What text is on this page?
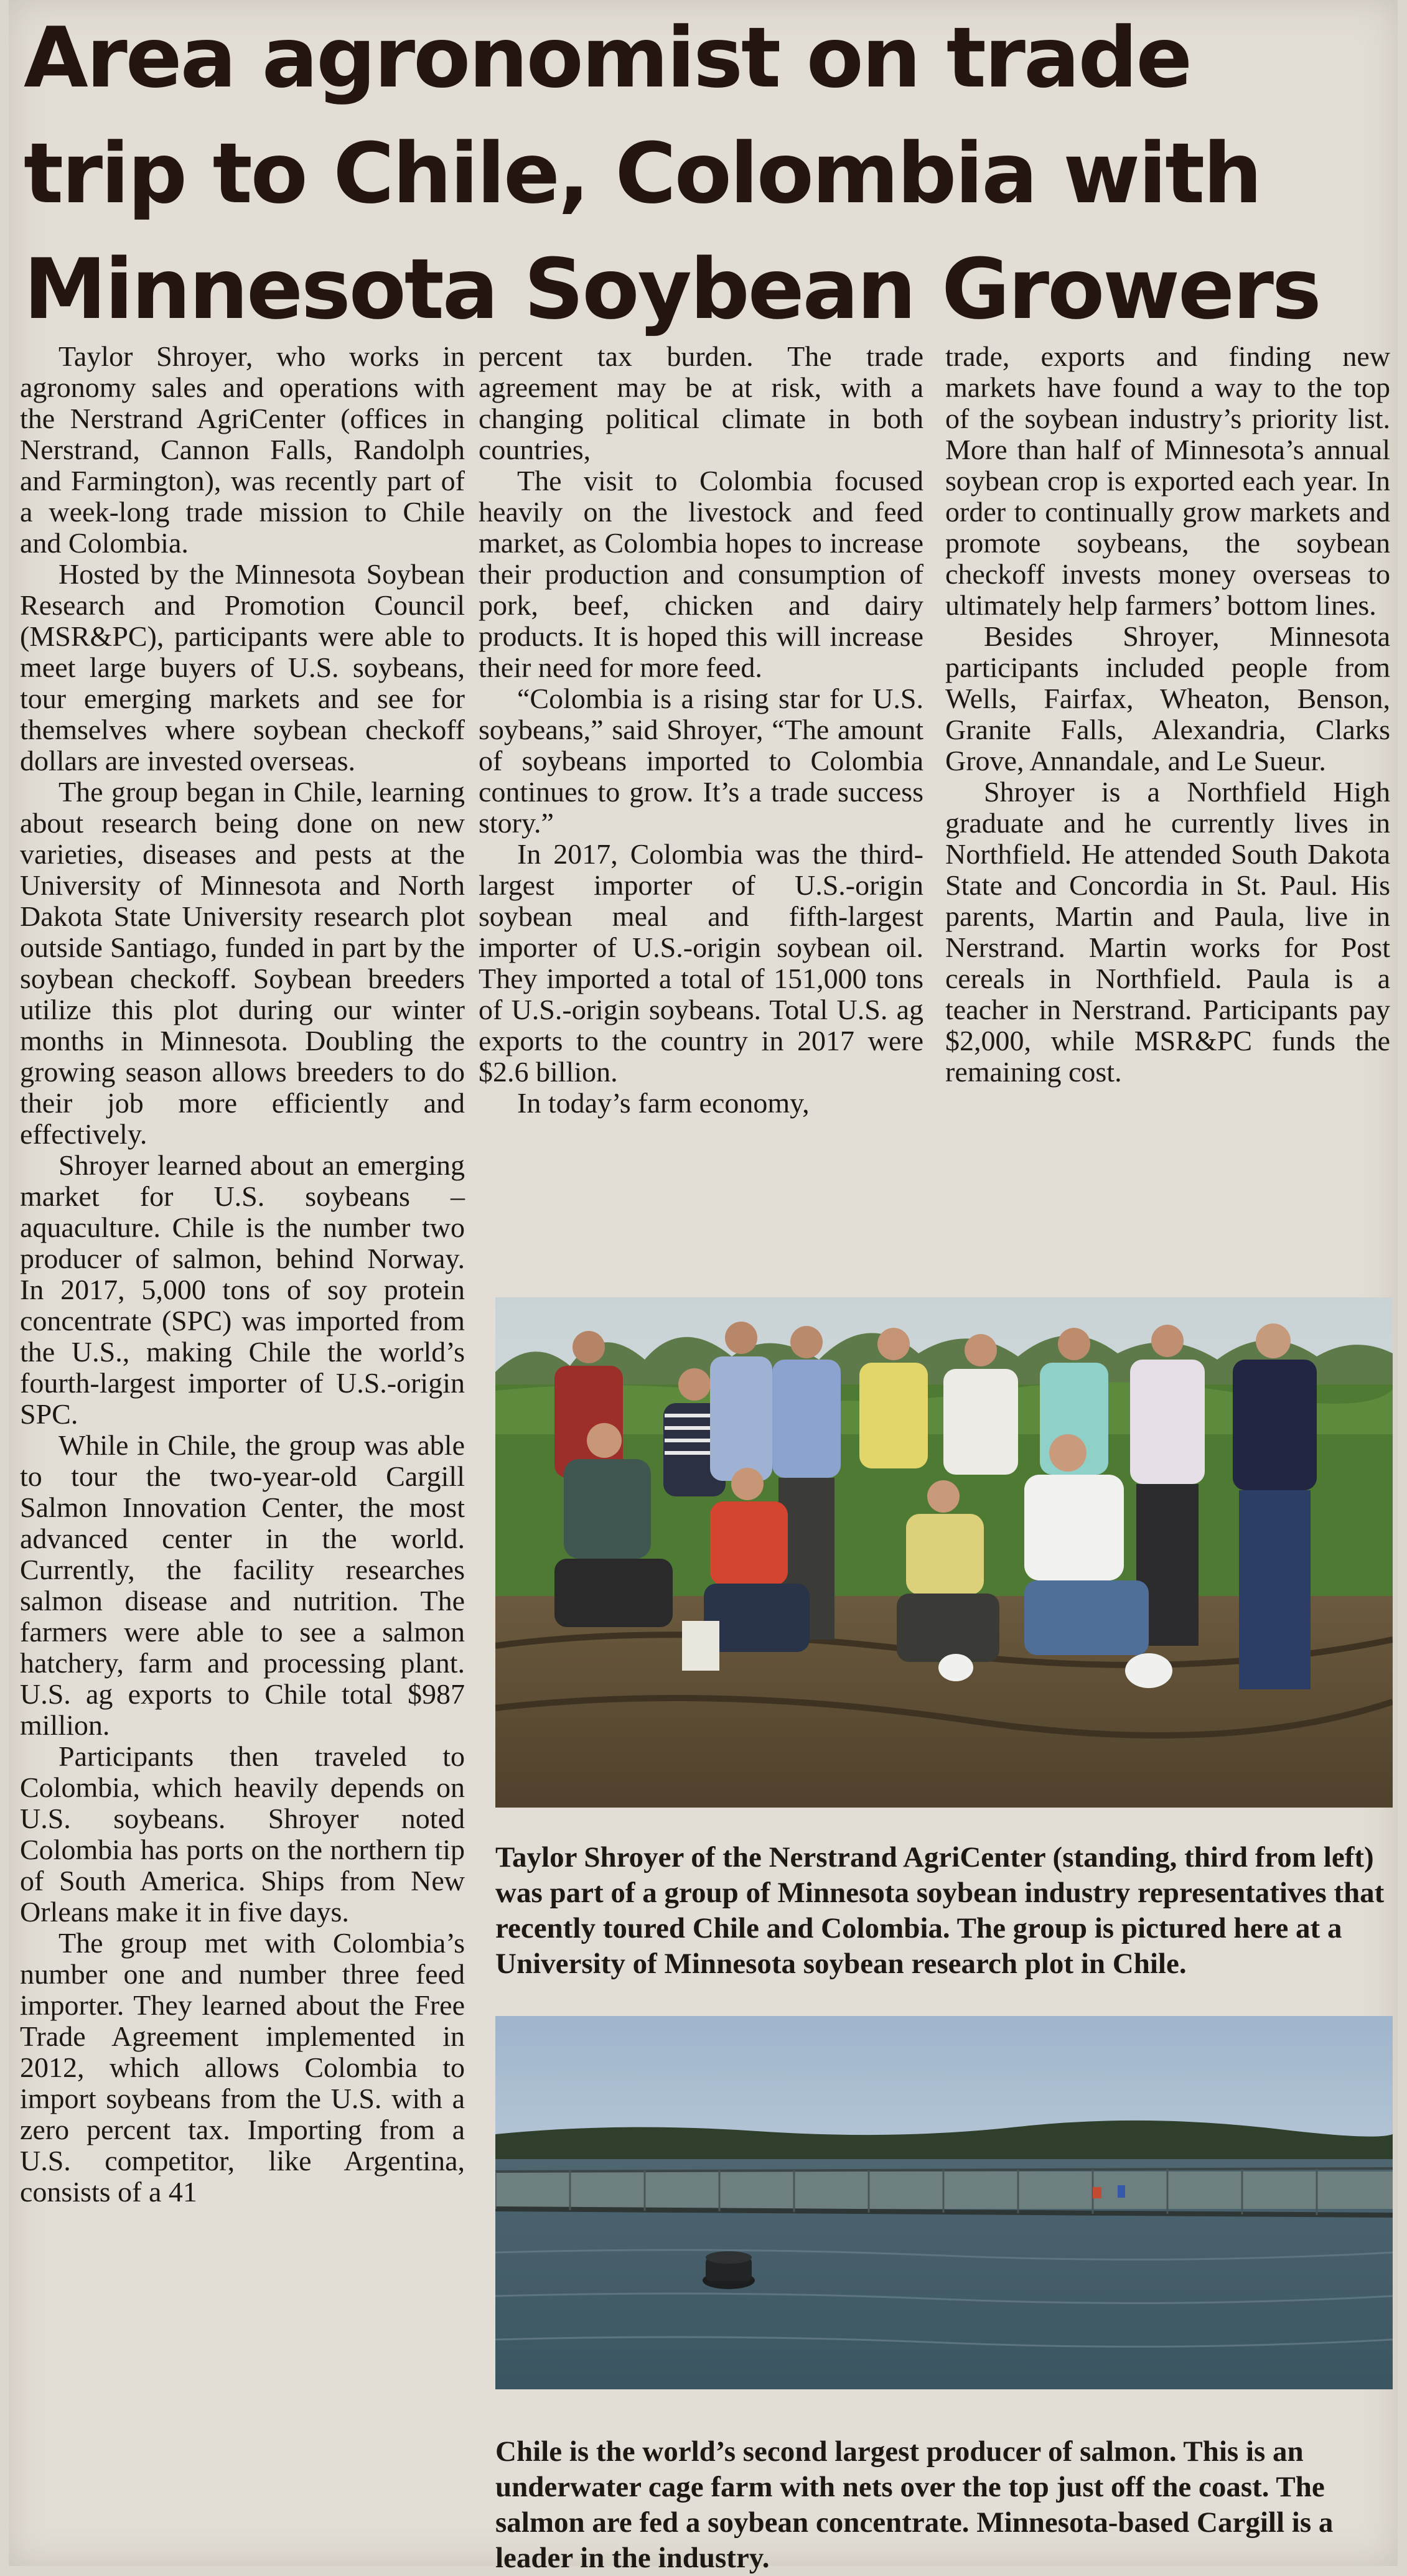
Area agronomist on trade
trip to Chile, Colombia with
Minnesota Soybean Growers

Taylor Shroyer, who works in agronomy sales and operations with the Nerstrand AgriCenter (offices in Nerstrand, Cannon Falls, Randolph and Farmington), was recently part of a week-long trade mission to Chile and Colombia.

Hosted by the Minnesota Soybean Research and Promotion Council (MSR&PC), participants were able to meet large buyers of U.S. soybeans, tour emerging markets and see for themselves where soybean checkoff dollars are invested overseas.

The group began in Chile, learning about research being done on new varieties, diseases and pests at the University of Minnesota and North Dakota State University research plot outside Santiago, funded in part by the soybean checkoff. Soybean breeders utilize this plot during our winter months in Minnesota. Doubling the growing season allows breeders to do their job more efficiently and effectively.

Shroyer learned about an emerging market for U.S. soybeans – aquaculture. Chile is the number two producer of salmon, behind Norway. In 2017, 5,000 tons of soy protein concentrate (SPC) was imported from the U.S., making Chile the world’s fourth-largest importer of U.S.-origin SPC.

While in Chile, the group was able to tour the two-year-old Cargill Salmon Innovation Center, the most advanced center in the world. Currently, the facility researches salmon disease and nutrition. The farmers were able to see a salmon hatchery, farm and processing plant. U.S. ag exports to Chile total $987 million.

Participants then traveled to Colombia, which heavily depends on U.S. soybeans. Shroyer noted Colombia has ports on the northern tip of South America. Ships from New Orleans make it in five days.

The group met with Colombia’s number one and number three feed importer. They learned about the Free Trade Agreement implemented in 2012, which allows Colombia to import soybeans from the U.S. with a zero percent tax. Importing from a U.S. competitor, like Argentina, consists of a 41

percent tax burden. The trade agreement may be at risk, with a changing political climate in both countries,

The visit to Colombia focused heavily on the livestock and feed market, as Colombia hopes to increase their production and consumption of pork, beef, chicken and dairy products. It is hoped this will increase their need for more feed.

“Colombia is a rising star for U.S. soybeans,” said Shroyer, “The amount of soybeans imported to Colombia continues to grow. It’s a trade success story.”

In 2017, Colombia was the third-largest importer of U.S.-origin soybean meal and fifth-largest importer of U.S.-origin soybean oil. They imported a total of 151,000 tons of U.S.-origin soybeans. Total U.S. ag exports to the country in 2017 were $2.6 billion.

In today’s farm economy,

trade, exports and finding new markets have found a way to the top of the soybean industry’s priority list. More than half of Minnesota’s annual soybean crop is exported each year. In order to continually grow markets and promote soybeans, the soybean checkoff invests money overseas to ultimately help farmers’ bottom lines.

Besides Shroyer, Minnesota participants included people from Wells, Fairfax, Wheaton, Benson, Granite Falls, Alexandria, Clarks Grove, Annandale, and Le Sueur.

Shroyer is a Northfield High graduate and he currently lives in Northfield. He attended South Dakota State and Concordia in St. Paul. His parents, Martin and Paula, live in Nerstrand. Martin works for Post cereals in Northfield. Paula is a teacher in Nerstrand. Participants pay $2,000, while MSR&PC funds the remaining cost.

Taylor Shroyer of the Nerstrand AgriCenter (standing, third from left) was part of a group of Minnesota soybean industry representatives that recently toured Chile and Colombia. The group is pictured here at a University of Minnesota soybean research plot in Chile.

Chile is the world’s second largest producer of salmon. This is an underwater cage farm with nets over the top just off the coast. The salmon are fed a soybean concentrate. Minnesota-based Cargill is a leader in the industry.
